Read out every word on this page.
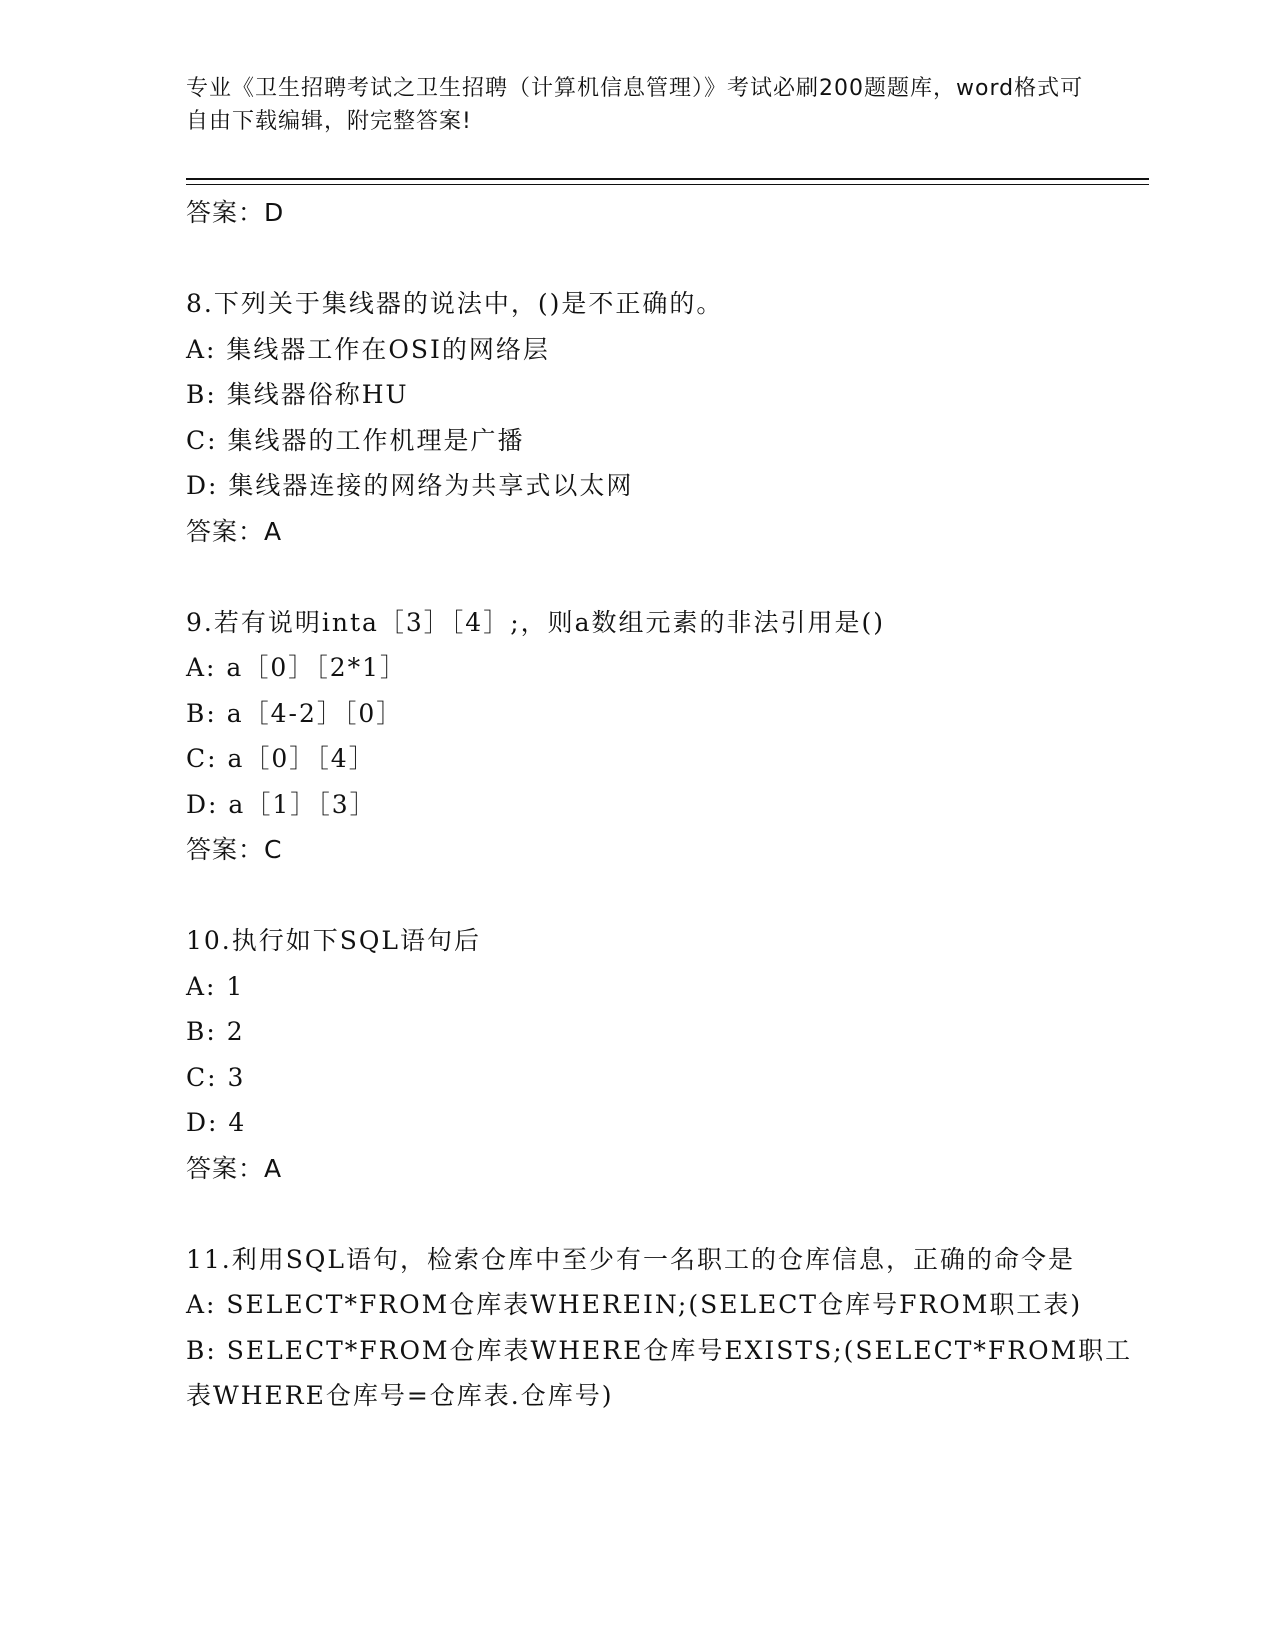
专业《卫生招聘考试之卫生招聘（计算机信息管理）》考试必刷200题题库，word格式可自由下载编辑，附完整答案!
答案：D
8.下列关于集线器的说法中，()是不正确的。
A: 集线器工作在OSI的网络层
B: 集线器俗称HU
C: 集线器的工作机理是广播
D: 集线器连接的网络为共享式以太网
答案：A
9.若有说明inta［3］［4］;，则a数组元素的非法引用是()
A: a［0］［2*1］
B: a［4-2］［0］
C: a［0］［4］
D: a［1］［3］
答案：C
10.执行如下SQL语句后
A: 1
B: 2
C: 3
D: 4
答案：A
11.利用SQL语句，检索仓库中至少有一名职工的仓库信息，正确的命令是
A: SELECT*FROM仓库表WHEREIN;(SELECT仓库号FROM职工表)
B: SELECT*FROM仓库表WHERE仓库号EXISTS;(SELECT*FROM职工表WHERE仓库号=仓库表.仓库号)
